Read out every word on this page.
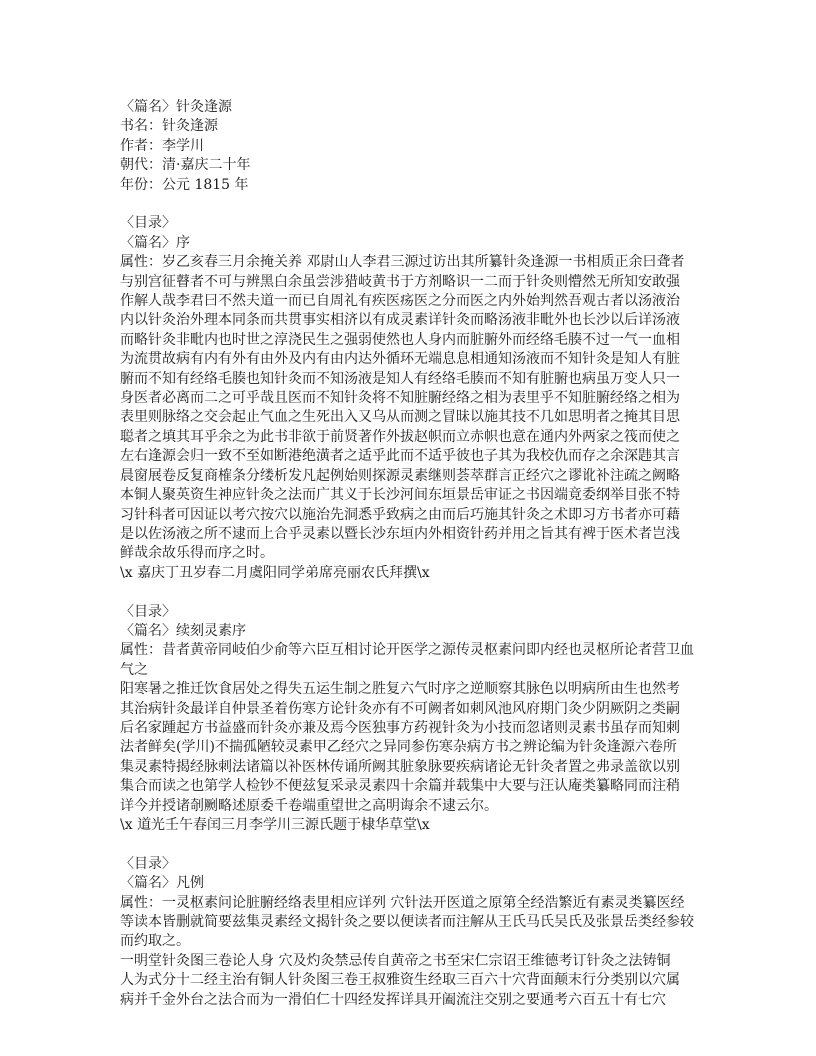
〈篇名〉针灸逢源
书名：针灸逢源
作者：李学川
朝代：清·嘉庆二十年
年份：公元 1815 年
〈目录〉
〈篇名〉序
属性：岁乙亥春三月余掩关养 邓尉山人李君三源过访出其所纂针灸逢源一书相质正余曰聋者
与别宫征瞽者不可与辨黑白余虽尝涉猎岐黄书于方剂略识一二而于针灸则懵然无所知安敢强
作解人哉李君曰不然夫道一而已自周礼有疾医疡医之分而医之内外始判然吾观古者以汤液治
内以针灸治外理本同条而共贯事实相济以有成灵素详针灸而略汤液非毗外也长沙以后详汤液
而略针灸非毗内也时世之淳浇民生之强弱使然也人身内而脏腑外而经络毛腠不过一气一血相
为流贯故病有内有外有由外及内有由内达外循环无端息息相通知汤液而不知针灸是知人有脏
腑而不知有经络毛腠也知针灸而不知汤液是知人有经络毛腠而不知有脏腑也病虽万变人只一
身医者必离而二之可乎哉且医而不知针灸将不知脏腑经络之相为表里乎不知脏腑经络之相为
表里则脉络之交会起止气血之生死出入又乌从而测之冒昧以施其技不几如思明者之掩其目思
聪者之填其耳乎余之为此书非欲于前贤著作外拔赵帜而立赤帜也意在通内外两家之筏而使之
左右逢源会归一致不至如断港绝潢者之适乎此而不适乎彼也子其为我校仇而存之余深韪其言
晨窗展卷反复商榷条分缕析发凡起例始则探源灵素继则荟萃群言正经穴之谬讹补注疏之阙略
本铜人聚英资生神应针灸之法而广其义于长沙河间东垣景岳审证之书因端竟委纲举目张不特
习针科者可因证以考穴按穴以施治先洞悉乎致病之由而后巧施其针灸之术即习方书者亦可藉
是以佐汤液之所不逮而上合乎灵素以暨长沙东垣内外相资针药并用之旨其有裨于医术者岂浅
鲜哉余故乐得而序之时。
\x 嘉庆丁丑岁春二月虞阳同学弟席亮丽农氏拜撰\x
〈目录〉
〈篇名〉续刻灵素序
属性：昔者黄帝同岐伯少俞等六臣互相讨论开医学之源传灵枢素问即内经也灵枢所论者营卫血
气之
阳寒暑之推迁饮食居处之得失五运生制之胜复六气时序之逆顺察其脉色以明病所由生也然考
其治病针灸最详自仲景圣着伤寒方论针灸亦有不可阙者如刺风池风府期门灸少阴厥阴之类嗣
后名家踵起方书益盛而针灸亦兼及焉今医独事方药视针灸为小技而忽诸则灵素书虽存而知刺
法者鲜矣(学川)不揣孤陋较灵素甲乙经穴之异同参伤寒杂病方书之辨论编为针灸逢源六卷所
集灵素特揭经脉刺法诸篇以补医林传诵所阙其脏象脉要疾病诸论无针灸者置之弗录盖欲以别
集合而读之也第学人检钞不便兹复采录灵素四十余篇并载集中大要与汪认庵类纂略同而注稍
详今并授诸剞劂略述原委千卷端重望世之高明诲余不逮云尔。
\x 道光壬午春闰三月李学川三源氏题于棣华草堂\x
〈目录〉
〈篇名〉凡例
属性：一灵枢素问论脏腑经络表里相应详列 穴针法开医道之原第全经浩繁近有素灵类纂医经
等读本皆删就简要兹集灵素经文揭针灸之要以便读者而注解从王氏马氏吴氏及张景岳类经参较
而约取之。
一明堂针灸图三卷论人身 穴及灼灸禁忌传自黄帝之书至宋仁宗诏王维德考订针灸之法铸铜
人为式分十二经主治有铜人针灸图三卷王叔雅资生经取三百六十穴背面颠末行分类别以穴属
病并千金外台之法合而为一滑伯仁十四经发挥详具开阖流注交别之要通考六百五十有七穴
